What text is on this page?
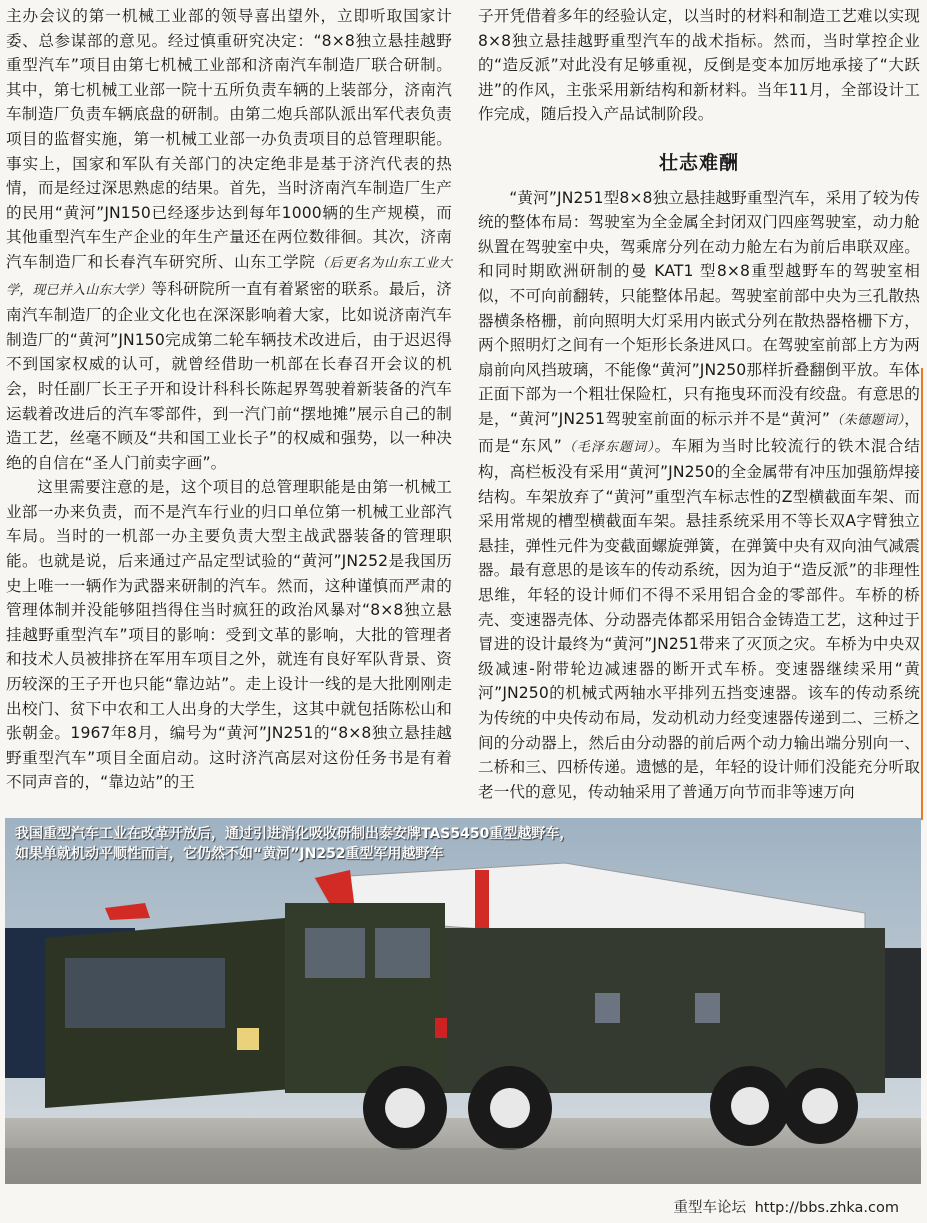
主办会议的第一机械工业部的领导喜出望外，立即听取国家计委、总参谋部的意见。经过慎重研究决定：“8×8独立悬挂越野重型汽车”项目由第七机械工业部和济南汽车制造厂联合研制。其中，第七机械工业部一院十五所负责车辆的上装部分，济南汽车制造厂负责车辆底盘的研制。由第二炮兵部队派出军代表负责项目的监督实施，第一机械工业部一办负责项目的总管理职能。事实上，国家和军队有关部门的决定绝非是基于济汽代表的热情，而是经过深思熟虑的结果。首先，当时济南汽车制造厂生产的民用“黄河”JN150已经逐步达到每年1000辆的生产规模，而其他重型汽车生产企业的年生产量还在两位数徘徊。其次，济南汽车制造厂和长春汽车研究所、山东工学院（后更名为山东工业大学，现已并入山东大学）等科研院所一直有着紧密的联系。最后，济南汽车制造厂的企业文化也在深深影响着大家，比如说济南汽车制造厂的“黄河”JN150完成第二轮车辆技术改进后，由于迟迟得不到国家权威的认可，就曾经借助一机部在长春召开会议的机会，时任副厂长王子开和设计科科长陈起界驾驶着新装备的汽车运载着改进后的汽车零部件，到一汽门前“摆地摊”展示自己的制造工艺，丝毫不顾及“共和国工业长子”的权威和强势，以一种决绝的自信在“圣人门前卖字画”。

这里需要注意的是，这个项目的总管理职能是由第一机械工业部一办来负责，而不是汽车行业的归口单位第一机械工业部汽车局。当时的一机部一办主要负责大型主战武器装备的管理职能。也就是说，后来通过产品定型试验的“黄河”JN252是我国历史上唯一一辆作为武器来研制的汽车。然而，这种谨慎而严肃的管理体制并没能够阻挡得住当时疯狂的政治风暴对“8×8独立悬挂越野重型汽车”项目的影响：受到文革的影响，大批的管理者和技术人员被排挤在军用车项目之外，就连有良好军队背景、资历较深的王子开也只能“靠边站”。走上设计一线的是大批刚刚走出校门、贫下中农和工人出身的大学生，这其中就包括陈松山和张朝金。1967年8月，编号为“黄河”JN251的“8×8独立悬挂越野重型汽车”项目全面启动。这时济汽高层对这份任务书是有着不同声音的，“靠边站”的王

子开凭借着多年的经验认定，以当时的材料和制造工艺难以实现8×8独立悬挂越野重型汽车的战术指标。然而，当时掌控企业的“造反派”对此没有足够重视，反倒是变本加厉地承接了“大跃进”的作风，主张采用新结构和新材料。当年11月，全部设计工作完成，随后投入产品试制阶段。

壮志难酬

“黄河”JN251型8×8独立悬挂越野重型汽车，采用了较为传统的整体布局：驾驶室为全金属全封闭双门四座驾驶室，动力舱纵置在驾驶室中央，驾乘席分列在动力舱左右为前后串联双座。和同时期欧洲研制的曼 KAT1 型8×8重型越野车的驾驶室相似，不可向前翻转，只能整体吊起。驾驶室前部中央为三孔散热器横条格栅，前向照明大灯采用内嵌式分列在散热器格栅下方，两个照明灯之间有一个矩形长条进风口。在驾驶室前部上方为两扇前向风挡玻璃，不能像“黄河”JN250那样折叠翻倒平放。车体正面下部为一个粗壮保险杠，只有拖曳环而没有绞盘。有意思的是，“黄河”JN251驾驶室前面的标示并不是“黄河”（朱德题词），而是“东风”（毛泽东题词）。车厢为当时比较流行的铁木混合结构，高栏板没有采用“黄河”JN250的全金属带有冲压加强筋焊接结构。车架放弃了“黄河”重型汽车标志性的Z型横截面车架、而采用常规的槽型横截面车架。悬挂系统采用不等长双A字臂独立悬挂，弹性元件为变截面螺旋弹簧，在弹簧中央有双向油气减震器。最有意思的是该车的传动系统，因为迫于“造反派”的非理性思维，年轻的设计师们不得不采用铝合金的零部件。车桥的桥壳、变速器壳体、分动器壳体都采用铝合金铸造工艺，这种过于冒进的设计最终为“黄河”JN251带来了灭顶之灾。车桥为中央双级减速-附带轮边减速器的断开式车桥。变速器继续采用“黄河”JN250的机械式两轴水平排列五挡变速器。该车的传动系统为传统的中央传动布局，发动机动力经变速器传递到二、三桥之间的分动器上，然后由分动器的前后两个动力输出端分别向一、二桥和三、四桥传递。遗憾的是，年轻的设计师们没能充分听取老一代的意见，传动轴采用了普通万向节而非等速万向

我国重型汽车工业在改革开放后，通过引进消化吸收研制出泰安牌TAS5450重型越野车，

如果单就机动平顺性而言，它仍然不如“黄河”JN252重型军用越野车

重型车论坛 http://bbs.zhka.com
